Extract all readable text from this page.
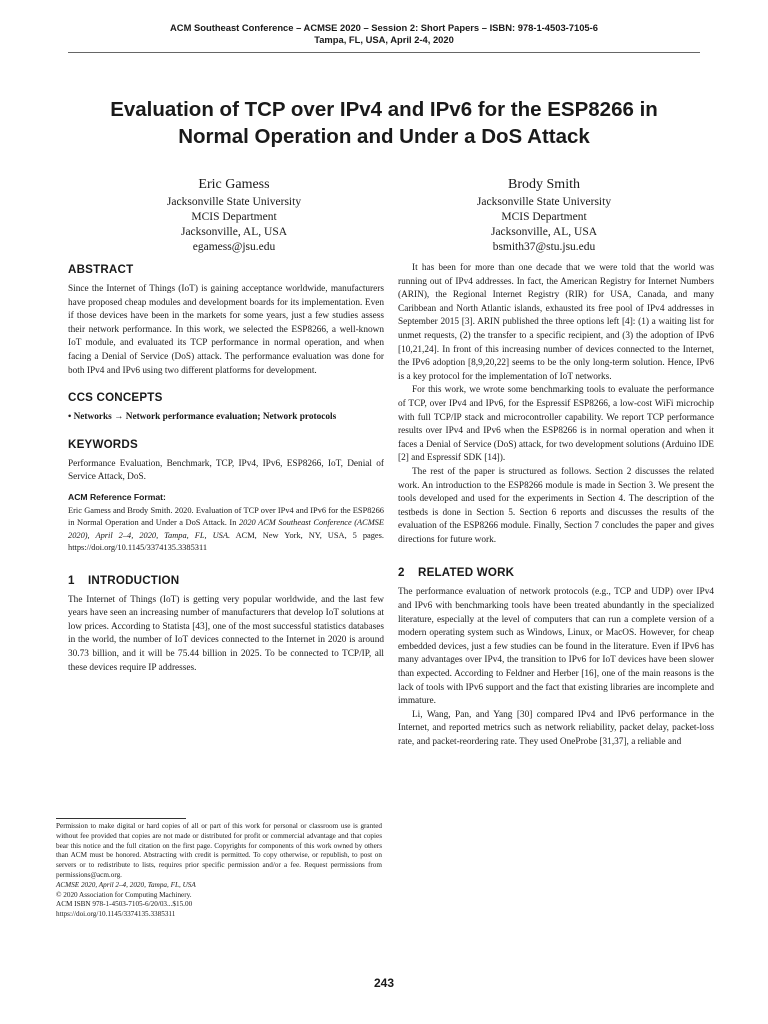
ACM Southeast Conference – ACMSE 2020 – Session 2: Short Papers – ISBN: 978-1-4503-7105-6
Tampa, FL, USA, April 2-4, 2020
Evaluation of TCP over IPv4 and IPv6 for the ESP8266 in
Normal Operation and Under a DoS Attack
Eric Gamess
Jacksonville State University
MCIS Department
Jacksonville, AL, USA
egamess@jsu.edu
Brody Smith
Jacksonville State University
MCIS Department
Jacksonville, AL, USA
bsmith37@stu.jsu.edu
ABSTRACT

Since the Internet of Things (IoT) is gaining acceptance worldwide, manufacturers have proposed cheap modules and development boards for its implementation. Even if those devices have been in the markets for some years, just a few studies assess their network performance. In this work, we selected the ESP8266, a well-known IoT module, and evaluated its TCP performance in normal operation, and when facing a Denial of Service (DoS) attack. The performance evaluation was done for both IPv4 and IPv6 using two different platforms for development.

CCS CONCEPTS

• Networks → Network performance evaluation; Network protocols

KEYWORDS

Performance Evaluation, Benchmark, TCP, IPv4, IPv6, ESP8266, IoT, Denial of Service Attack, DoS.

ACM Reference Format:

Eric Gamess and Brody Smith. 2020. Evaluation of TCP over IPv4 and IPv6 for the ESP8266 in Normal Operation and Under a DoS Attack. In 2020 ACM Southeast Conference (ACMSE 2020), April 2–4, 2020, Tampa, FL, USA. ACM, New York, NY, USA, 5 pages. https://doi.org/10.1145/3374135.3385311

1 INTRODUCTION

The Internet of Things (IoT) is getting very popular worldwide, and the last few years have seen an increasing number of manufacturers that develop IoT solutions at low prices. According to Statista [43], one of the most successful statistics databases in the world, the number of IoT devices connected to the Internet in 2020 is around 30.73 billion, and it will be 75.44 billion in 2025. To be connected to TCP/IP, all these devices require IP addresses.

Permission to make digital or hard copies of all or part of this work for personal or classroom use is granted without fee provided that copies are not made or distributed for profit or commercial advantage and that copies bear this notice and the full citation on the first page. Copyrights for components of this work owned by others than ACM must be honored. Abstracting with credit is permitted. To copy otherwise, or republish, to post on servers or to redistribute to lists, requires prior specific permission and/or a fee. Request permissions from permissions@acm.org.

ACMSE 2020, April 2–4, 2020, Tampa, FL, USA
© 2020 Association for Computing Machinery.
ACM ISBN 978-1-4503-7105-6/20/03...$15.00
https://doi.org/10.1145/3374135.3385311

It has been for more than one decade that we were told that the world was running out of IPv4 addresses. In fact, the American Registry for Internet Numbers (ARIN), the Regional Internet Registry (RIR) for USA, Canada, and many Caribbean and North Atlantic islands, exhausted its free pool of IPv4 addresses in September 2015 [3]. ARIN published the three options left [4]: (1) a waiting list for unmet requests, (2) the transfer to a specific recipient, and (3) the adoption of IPv6 [10,21,24]. In front of this increasing number of devices connected to the Internet, the IPv6 adoption [8,9,20,22] seems to be the only long-term solution. Hence, IPv6 is a key protocol for the implementation of IoT networks.

For this work, we wrote some benchmarking tools to evaluate the performance of TCP, over IPv4 and IPv6, for the Espressif ESP8266, a low-cost WiFi microchip with full TCP/IP stack and microcontroller capability. We report TCP performance results over IPv4 and IPv6 when the ESP8266 is in normal operation and when it faces a Denial of Service (DoS) attack, for two development solutions (Arduino IDE [2] and Espressif SDK [14]).

The rest of the paper is structured as follows. Section 2 discusses the related work. An introduction to the ESP8266 module is made in Section 3. We present the tools developed and used for the experiments in Section 4. The description of the testbeds is done in Section 5. Section 6 reports and discusses the results of the evaluation of the ESP8266 module. Finally, Section 7 concludes the paper and gives directions for future work.

2 RELATED WORK

The performance evaluation of network protocols (e.g., TCP and UDP) over IPv4 and IPv6 with benchmarking tools have been treated abundantly in the specialized literature, especially at the level of computers that can run a complete version of a modern operating system such as Windows, Linux, or MacOS. However, for cheap embedded devices, just a few studies can be found in the literature. Even if IPv6 has many advantages over IPv4, the transition to IPv6 for IoT devices have been slower than expected. According to Feldner and Herber [16], one of the main reasons is the lack of tools with IPv6 support and the fact that existing libraries are incomplete and immature.

Li, Wang, Pan, and Yang [30] compared IPv4 and IPv6 performance in the Internet, and reported metrics such as network reliability, packet delay, packet-loss rate, and packet-reordering rate. They used OneProbe [31,37], a reliable and

243
